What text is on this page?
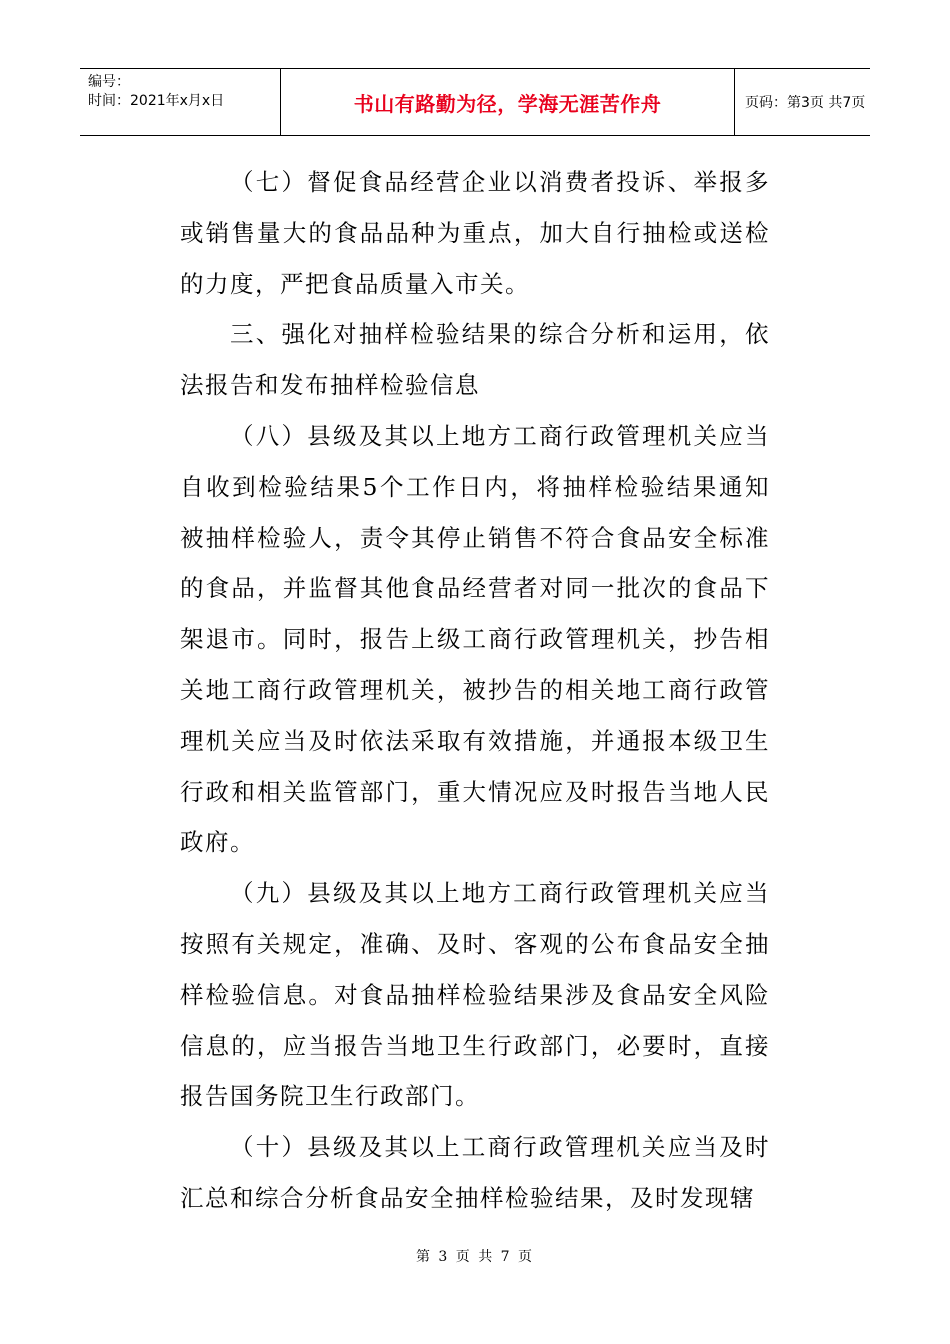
编号：
时间：2021年x月x日	书山有路勤为径，学海无涯苦作舟	页码：第3页 共7页

（七）督促食品经营企业以消费者投诉、举报多或销售量大的食品品种为重点，加大自行抽检或送检的力度，严把食品质量入市关。

三、强化对抽样检验结果的综合分析和运用，依法报告和发布抽样检验信息

（八）县级及其以上地方工商行政管理机关应当自收到检验结果5个工作日内，将抽样检验结果通知被抽样检验人，责令其停止销售不符合食品安全标准的食品，并监督其他食品经营者对同一批次的食品下架退市。同时，报告上级工商行政管理机关，抄告相关地工商行政管理机关，被抄告的相关地工商行政管理机关应当及时依法采取有效措施，并通报本级卫生行政和相关监管部门，重大情况应及时报告当地人民政府。

（九）县级及其以上地方工商行政管理机关应当按照有关规定，准确、及时、客观的公布食品安全抽样检验信息。对食品抽样检验结果涉及食品安全风险信息的，应当报告当地卫生行政部门，必要时，直接报告国务院卫生行政部门。

（十）县级及其以上工商行政管理机关应当及时汇总和综合分析食品安全抽样检验结果，及时发现辖

第 3 页 共 7 页
